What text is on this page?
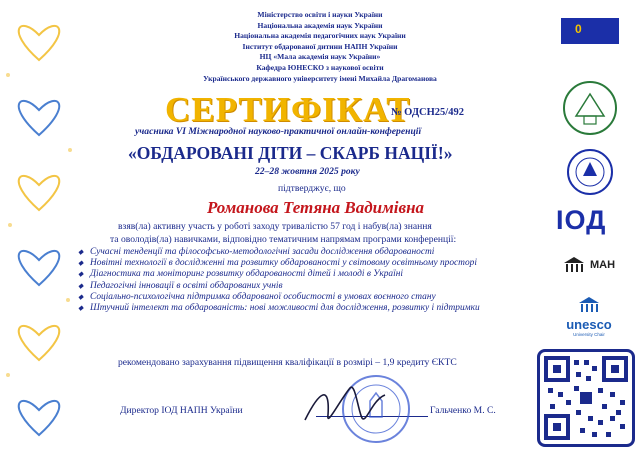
Міністерство освіти і науки України
Національна академія наук України
Національна академія педагогічних наук України
Інститут обдарованої дитини НАПН України
НЦ «Мала академія наук України»
Кафедра ЮНЕСКО з наукової освіти
Українського державного університету імені Михайла Драгоманова
СЕРТИФІКАТ
№ ОДСН25/492
учасника VI Міжнародної науково-практичної онлайн-конференції
«ОБДАРОВАНІ ДІТИ – СКАРБ НАЦІЇ!»
22–28 жовтня 2025 року
підтверджує, що
Романова Тетяна Вадимівна
взяв(ла) активну участь у роботі заходу тривалістю 57 год і набув(ла) знання
та оволодів(ла) навичками, відповідно тематичним напрямам програми конференції:
◆ Сучасні тенденції та філософсько-методологічні засади дослідження обдарованості
◆ Новітні технології в дослідженні та розвитку обдарованості у світовому освітньому просторі
◆ Діагностика та моніторинг розвитку обдарованості дітей і молоді в Україні
◆ Педагогічні інновації в освіті обдарованих учнів
◆ Соціально-психологічна підтримка обдарованої особистості в умовах воєнного стану
◆ Штучний інтелект та обдарованість: нові можливості для дослідження, розвитку і підтримки
рекомендовано зарахування підвищення кваліфікації в розмірі – 1,9 кредиту ЄКТС
Директор ІОД НАПН України	Гальченко М. С.
0
ІОД
МАН
unesco
University Chair
